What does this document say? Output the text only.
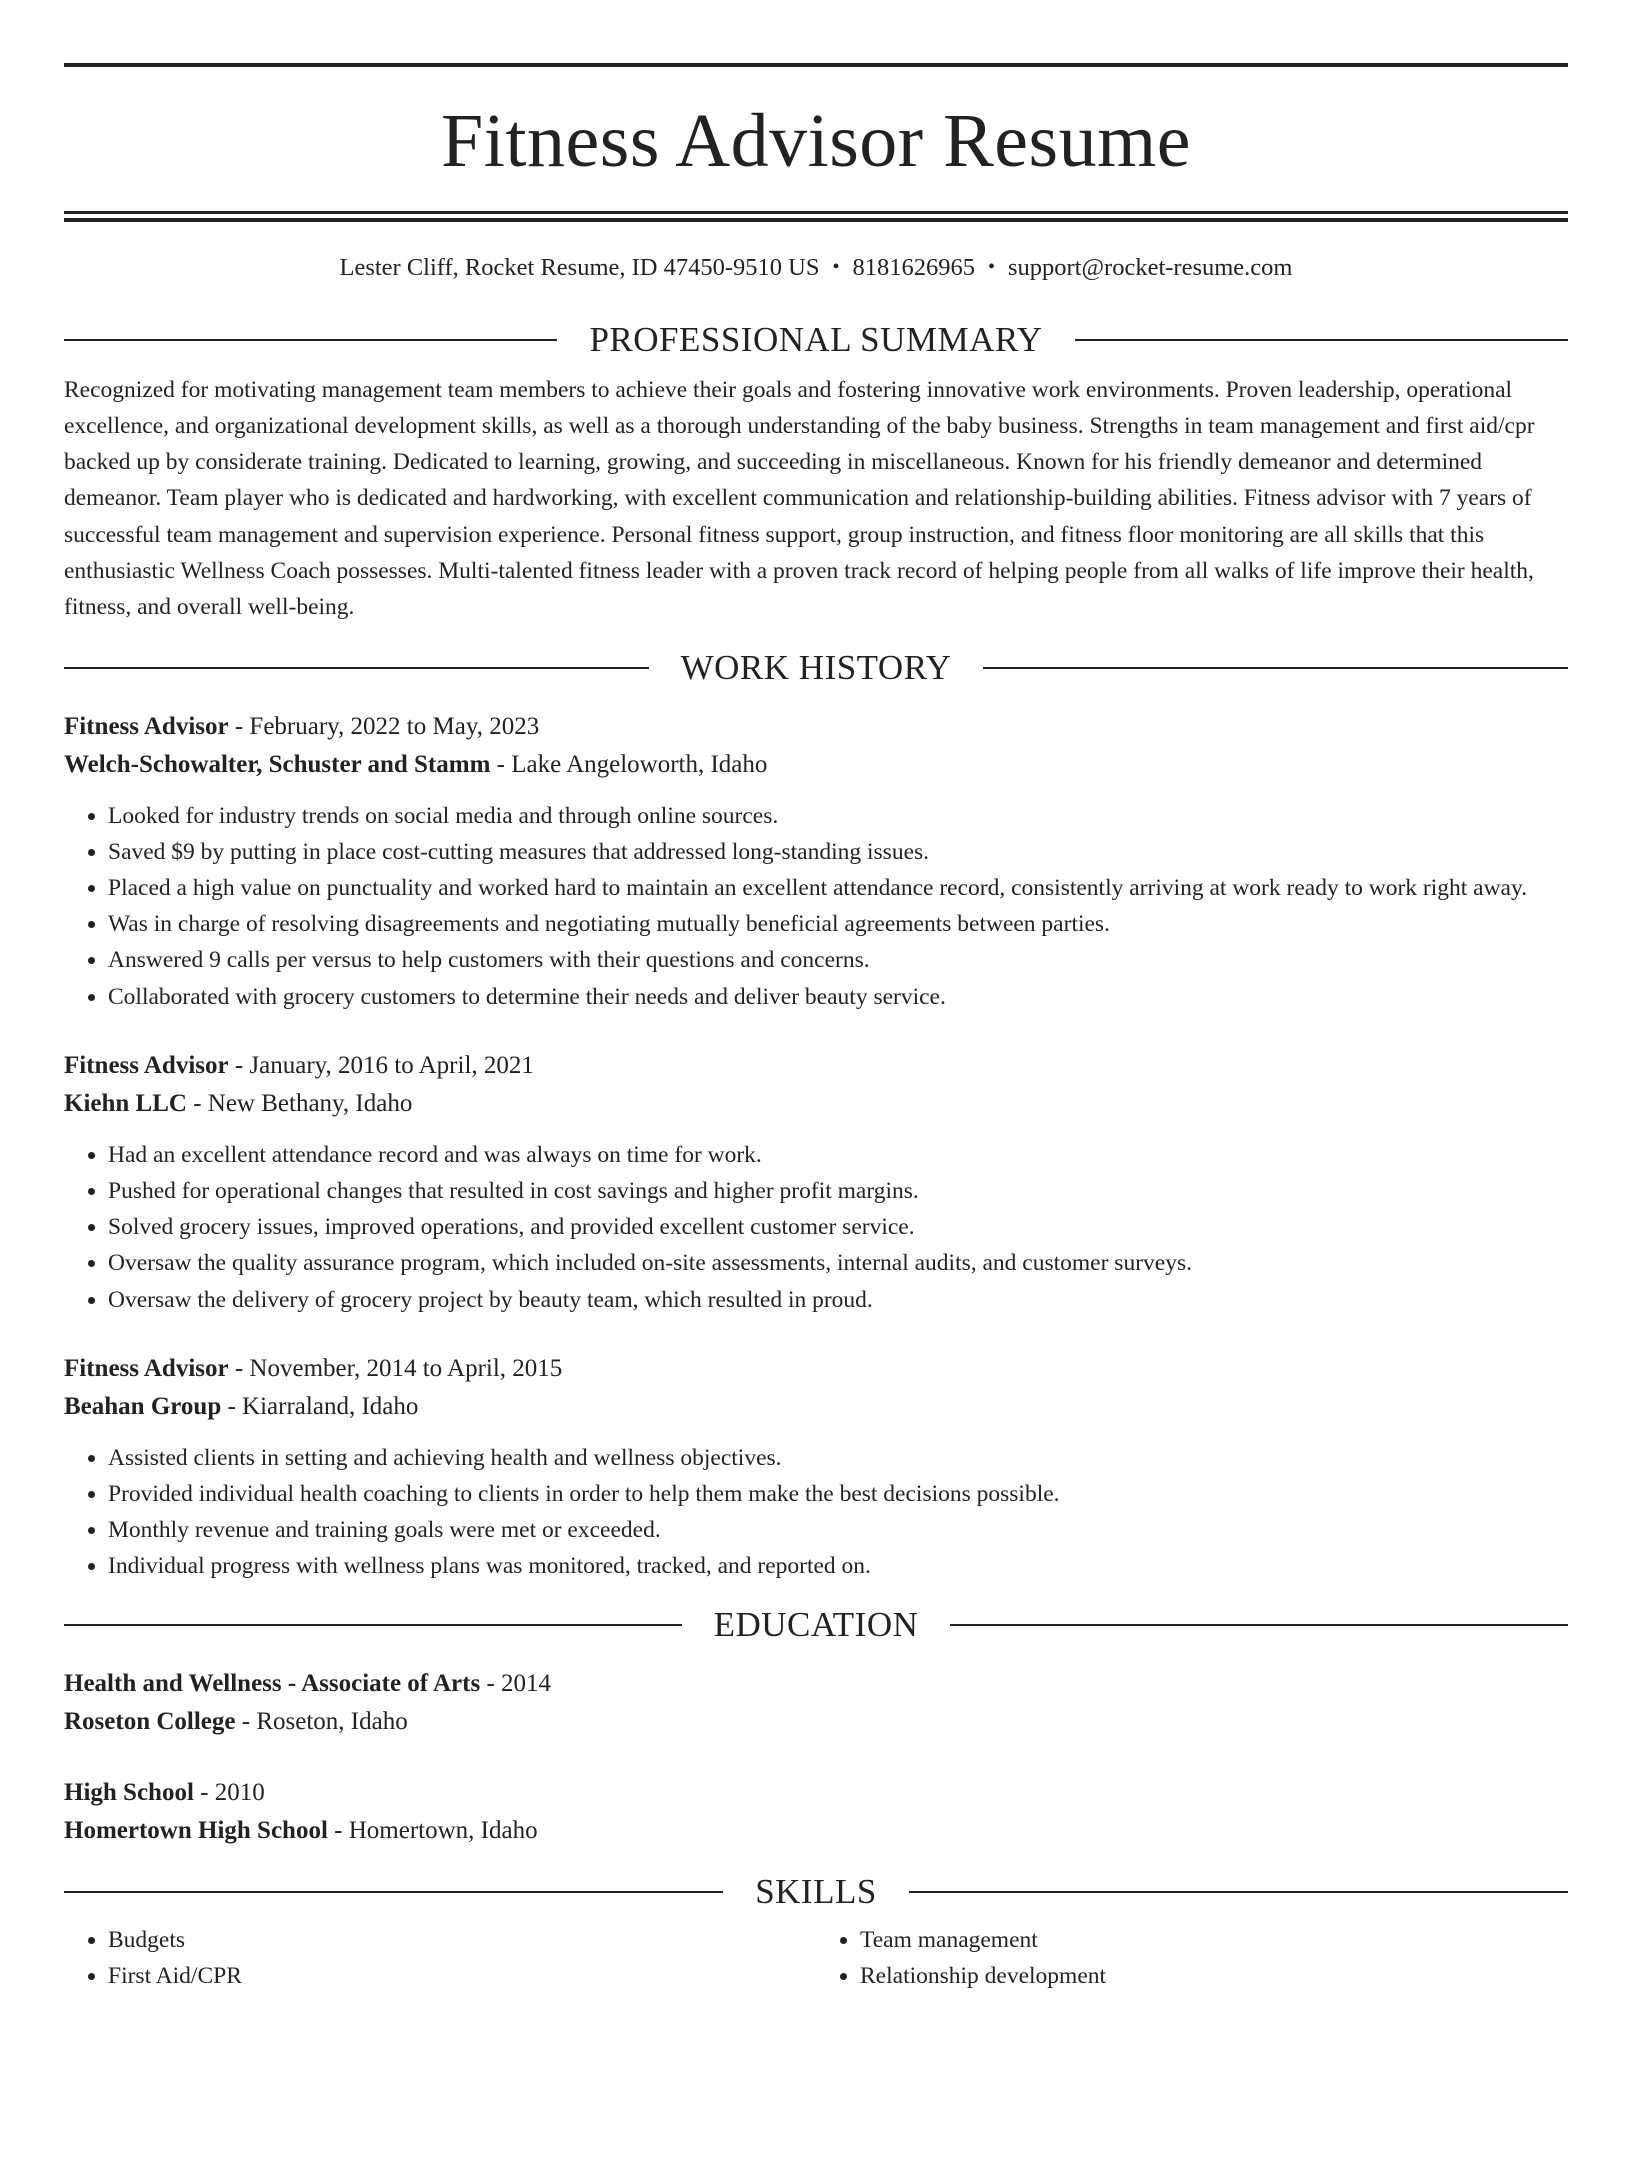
Fitness Advisor Resume
Lester Cliff, Rocket Resume, ID 47450-9510 US • 8181626965 • support@rocket-resume.com
PROFESSIONAL SUMMARY
Recognized for motivating management team members to achieve their goals and fostering innovative work environments. Proven leadership, operational excellence, and organizational development skills, as well as a thorough understanding of the baby business. Strengths in team management and first aid/cpr backed up by considerate training. Dedicated to learning, growing, and succeeding in miscellaneous. Known for his friendly demeanor and determined demeanor. Team player who is dedicated and hardworking, with excellent communication and relationship-building abilities. Fitness advisor with 7 years of successful team management and supervision experience. Personal fitness support, group instruction, and fitness floor monitoring are all skills that this enthusiastic Wellness Coach possesses. Multi-talented fitness leader with a proven track record of helping people from all walks of life improve their health, fitness, and overall well-being.
WORK HISTORY
Fitness Advisor - February, 2022 to May, 2023
Welch-Schowalter, Schuster and Stamm - Lake Angeloworth, Idaho
• Looked for industry trends on social media and through online sources.
• Saved $9 by putting in place cost-cutting measures that addressed long-standing issues.
• Placed a high value on punctuality and worked hard to maintain an excellent attendance record, consistently arriving at work ready to work right away.
• Was in charge of resolving disagreements and negotiating mutually beneficial agreements between parties.
• Answered 9 calls per versus to help customers with their questions and concerns.
• Collaborated with grocery customers to determine their needs and deliver beauty service.
Fitness Advisor - January, 2016 to April, 2021
Kiehn LLC - New Bethany, Idaho
• Had an excellent attendance record and was always on time for work.
• Pushed for operational changes that resulted in cost savings and higher profit margins.
• Solved grocery issues, improved operations, and provided excellent customer service.
• Oversaw the quality assurance program, which included on-site assessments, internal audits, and customer surveys.
• Oversaw the delivery of grocery project by beauty team, which resulted in proud.
Fitness Advisor - November, 2014 to April, 2015
Beahan Group - Kiarraland, Idaho
• Assisted clients in setting and achieving health and wellness objectives.
• Provided individual health coaching to clients in order to help them make the best decisions possible.
• Monthly revenue and training goals were met or exceeded.
• Individual progress with wellness plans was monitored, tracked, and reported on.
EDUCATION
Health and Wellness - Associate of Arts - 2014
Roseton College - Roseton, Idaho
High School - 2010
Homertown High School - Homertown, Idaho
SKILLS
• Budgets
• First Aid/CPR
• Team management
• Relationship development
